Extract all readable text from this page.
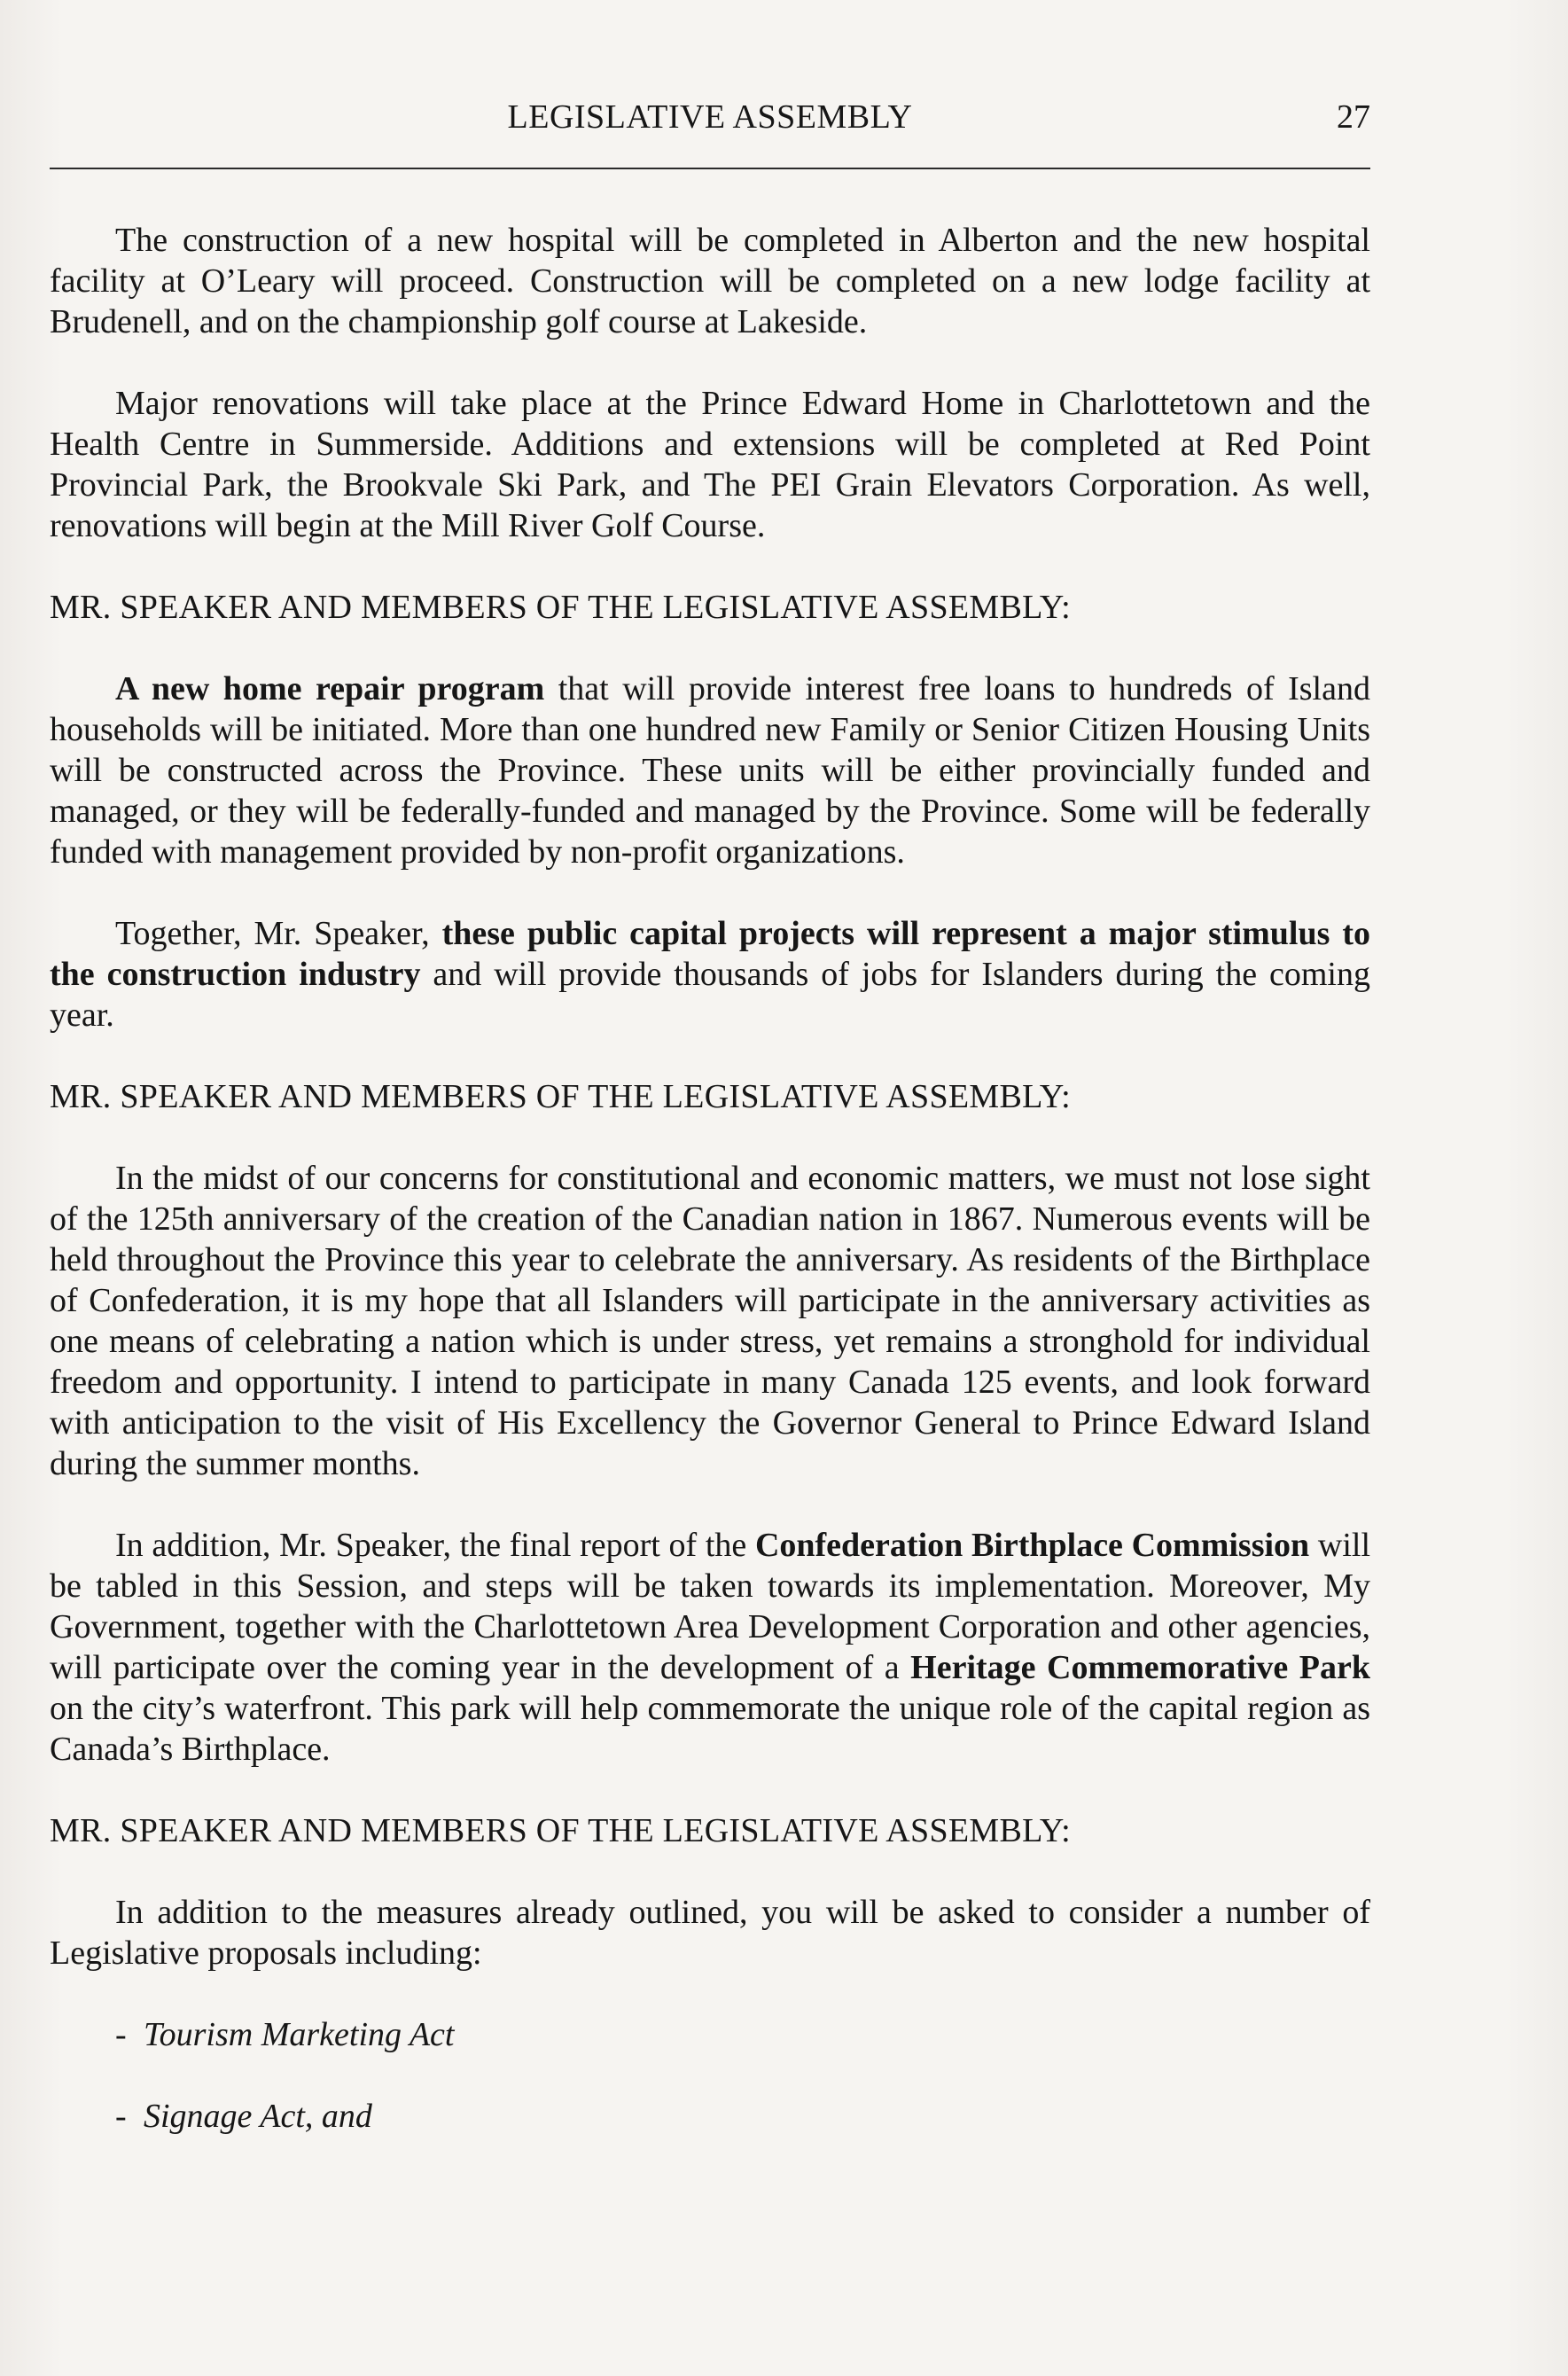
LEGISLATIVE ASSEMBLY	27

The construction of a new hospital will be completed in Alberton and the new hospital facility at O’Leary will proceed. Construction will be completed on a new lodge facility at Brudenell, and on the championship golf course at Lakeside.

Major renovations will take place at the Prince Edward Home in Charlottetown and the Health Centre in Summerside. Additions and extensions will be completed at Red Point Provincial Park, the Brookvale Ski Park, and The PEI Grain Elevators Corporation. As well, renovations will begin at the Mill River Golf Course.

MR. SPEAKER AND MEMBERS OF THE LEGISLATIVE ASSEMBLY:

A new home repair program that will provide interest free loans to hundreds of Island households will be initiated. More than one hundred new Family or Senior Citizen Housing Units will be constructed across the Province. These units will be either provincially funded and managed, or they will be federally-funded and managed by the Province. Some will be federally funded with management provided by non-profit organizations.

Together, Mr. Speaker, these public capital projects will represent a major stimulus to the construction industry and will provide thousands of jobs for Islanders during the coming year.

MR. SPEAKER AND MEMBERS OF THE LEGISLATIVE ASSEMBLY:

In the midst of our concerns for constitutional and economic matters, we must not lose sight of the 125th anniversary of the creation of the Canadian nation in 1867. Numerous events will be held throughout the Province this year to celebrate the anniversary. As residents of the Birthplace of Confederation, it is my hope that all Islanders will participate in the anniversary activities as one means of celebrating a nation which is under stress, yet remains a stronghold for individual freedom and opportunity. I intend to participate in many Canada 125 events, and look forward with anticipation to the visit of His Excellency the Governor General to Prince Edward Island during the summer months.

In addition, Mr. Speaker, the final report of the Confederation Birthplace Commission will be tabled in this Session, and steps will be taken towards its implementation. Moreover, My Government, together with the Charlottetown Area Development Corporation and other agencies, will participate over the coming year in the development of a Heritage Commemorative Park on the city’s waterfront. This park will help commemorate the unique role of the capital region as Canada’s Birthplace.

MR. SPEAKER AND MEMBERS OF THE LEGISLATIVE ASSEMBLY:

In addition to the measures already outlined, you will be asked to consider a number of Legislative proposals including:

- Tourism Marketing Act

- Signage Act, and
